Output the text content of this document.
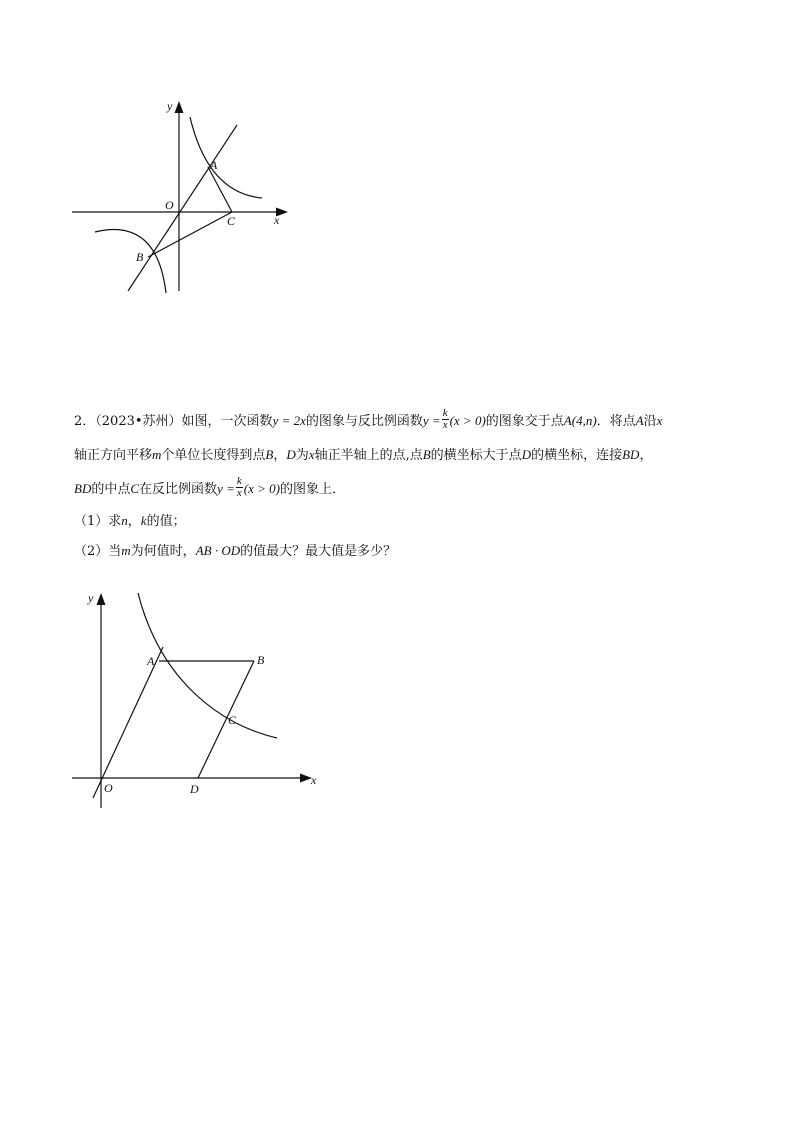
y
x
O
A
B
C
2．（2023•苏州）如图，一次函数y = 2x的图象与反比例函数$y = \frac{k}{x} (x > 0)$的图象交于点A(4,n)．将点A沿x
轴正方向平移m个单位长度得到点B，D为x轴正半轴上的点,点B的横坐标大于点D的横坐标，连接BD，
BD的中点C在反比例函数$y = \frac{k}{x} (x > 0)$的图象上．
（1）求n，k的值；
（2）当m为何值时，AB · OD的值最大？最大值是多少？
y
x
O
A	B
C
D
